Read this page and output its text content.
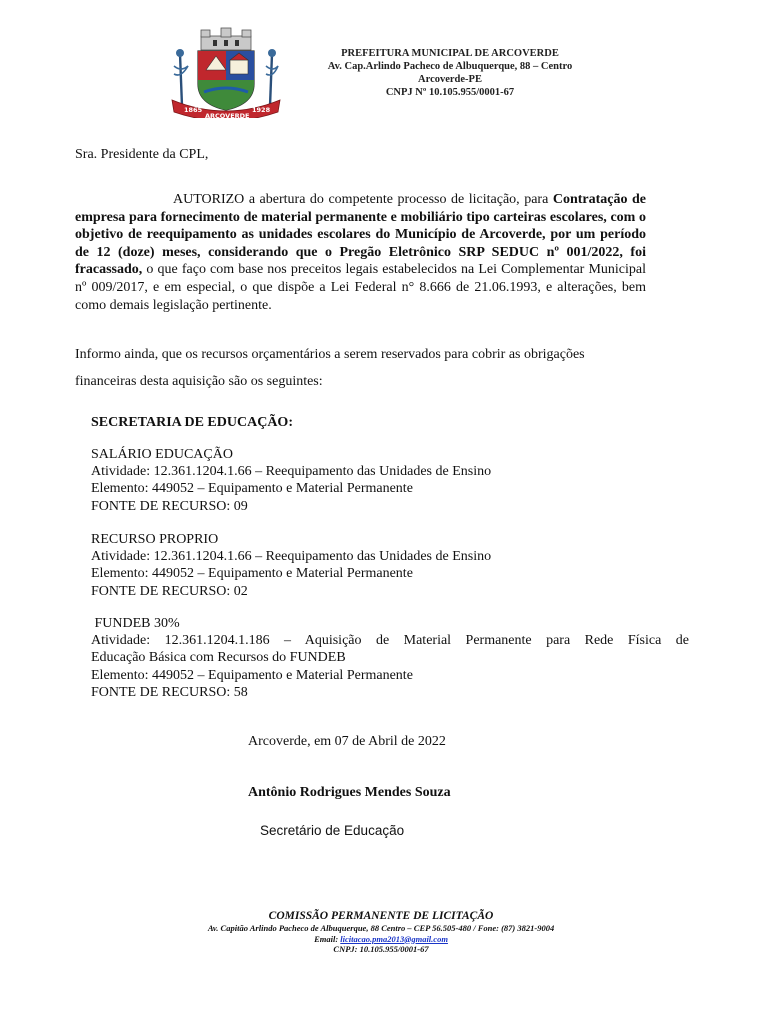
1865
ARCOVERDE
1928
PREFEITURA MUNICIPAL DE ARCOVERDE
Av. Cap.Arlindo Pacheco de Albuquerque, 88 – Centro
Arcoverde-PE
CNPJ Nº 10.105.955/0001-67
Sra. Presidente da CPL,
AUTORIZO a abertura do competente processo de licitação, para Contratação de empresa para fornecimento de material permanente e mobiliário tipo carteiras escolares, com o objetivo de reequipamento as unidades escolares do Município de Arcoverde, por um período de 12 (doze) meses, considerando que o Pregão Eletrônico SRP SEDUC nº 001/2022, foi fracassado, o que faço com base nos preceitos legais estabelecidos na Lei Complementar Municipal nº 009/2017, e em especial, o que dispõe a Lei Federal n° 8.666 de 21.06.1993, e alterações, bem como demais legislação pertinente.
Informo ainda, que os recursos orçamentários a serem reservados para cobrir as obrigações
financeiras desta aquisição são os seguintes:
SECRETARIA DE EDUCAÇÃO:
SALÁRIO EDUCAÇÃO
Atividade: 12.361.1204.1.66 – Reequipamento das Unidades de Ensino
Elemento: 449052 – Equipamento e Material Permanente
FONTE DE RECURSO: 09
RECURSO PROPRIO
Atividade: 12.361.1204.1.66 – Reequipamento das Unidades de Ensino
Elemento: 449052 – Equipamento e Material Permanente
FONTE DE RECURSO: 02
FUNDEB 30%
Atividade: 12.361.1204.1.186 – Aquisição de Material Permanente para Rede Física de
Educação Básica com Recursos do FUNDEB
Elemento: 449052 – Equipamento e Material Permanente
FONTE DE RECURSO: 58
Arcoverde, em 07 de Abril de 2022
Antônio Rodrigues Mendes Souza
Secretário de Educação
COMISSÃO PERMANENTE DE LICITAÇÃO
Av. Capitão Arlindo Pacheco de Albuquerque, 88 Centro – CEP 56.505-480 / Fone: (87) 3821-9004
Email: licitacao.pma2013@gmail.com
CNPJ: 10.105.955/0001-67
